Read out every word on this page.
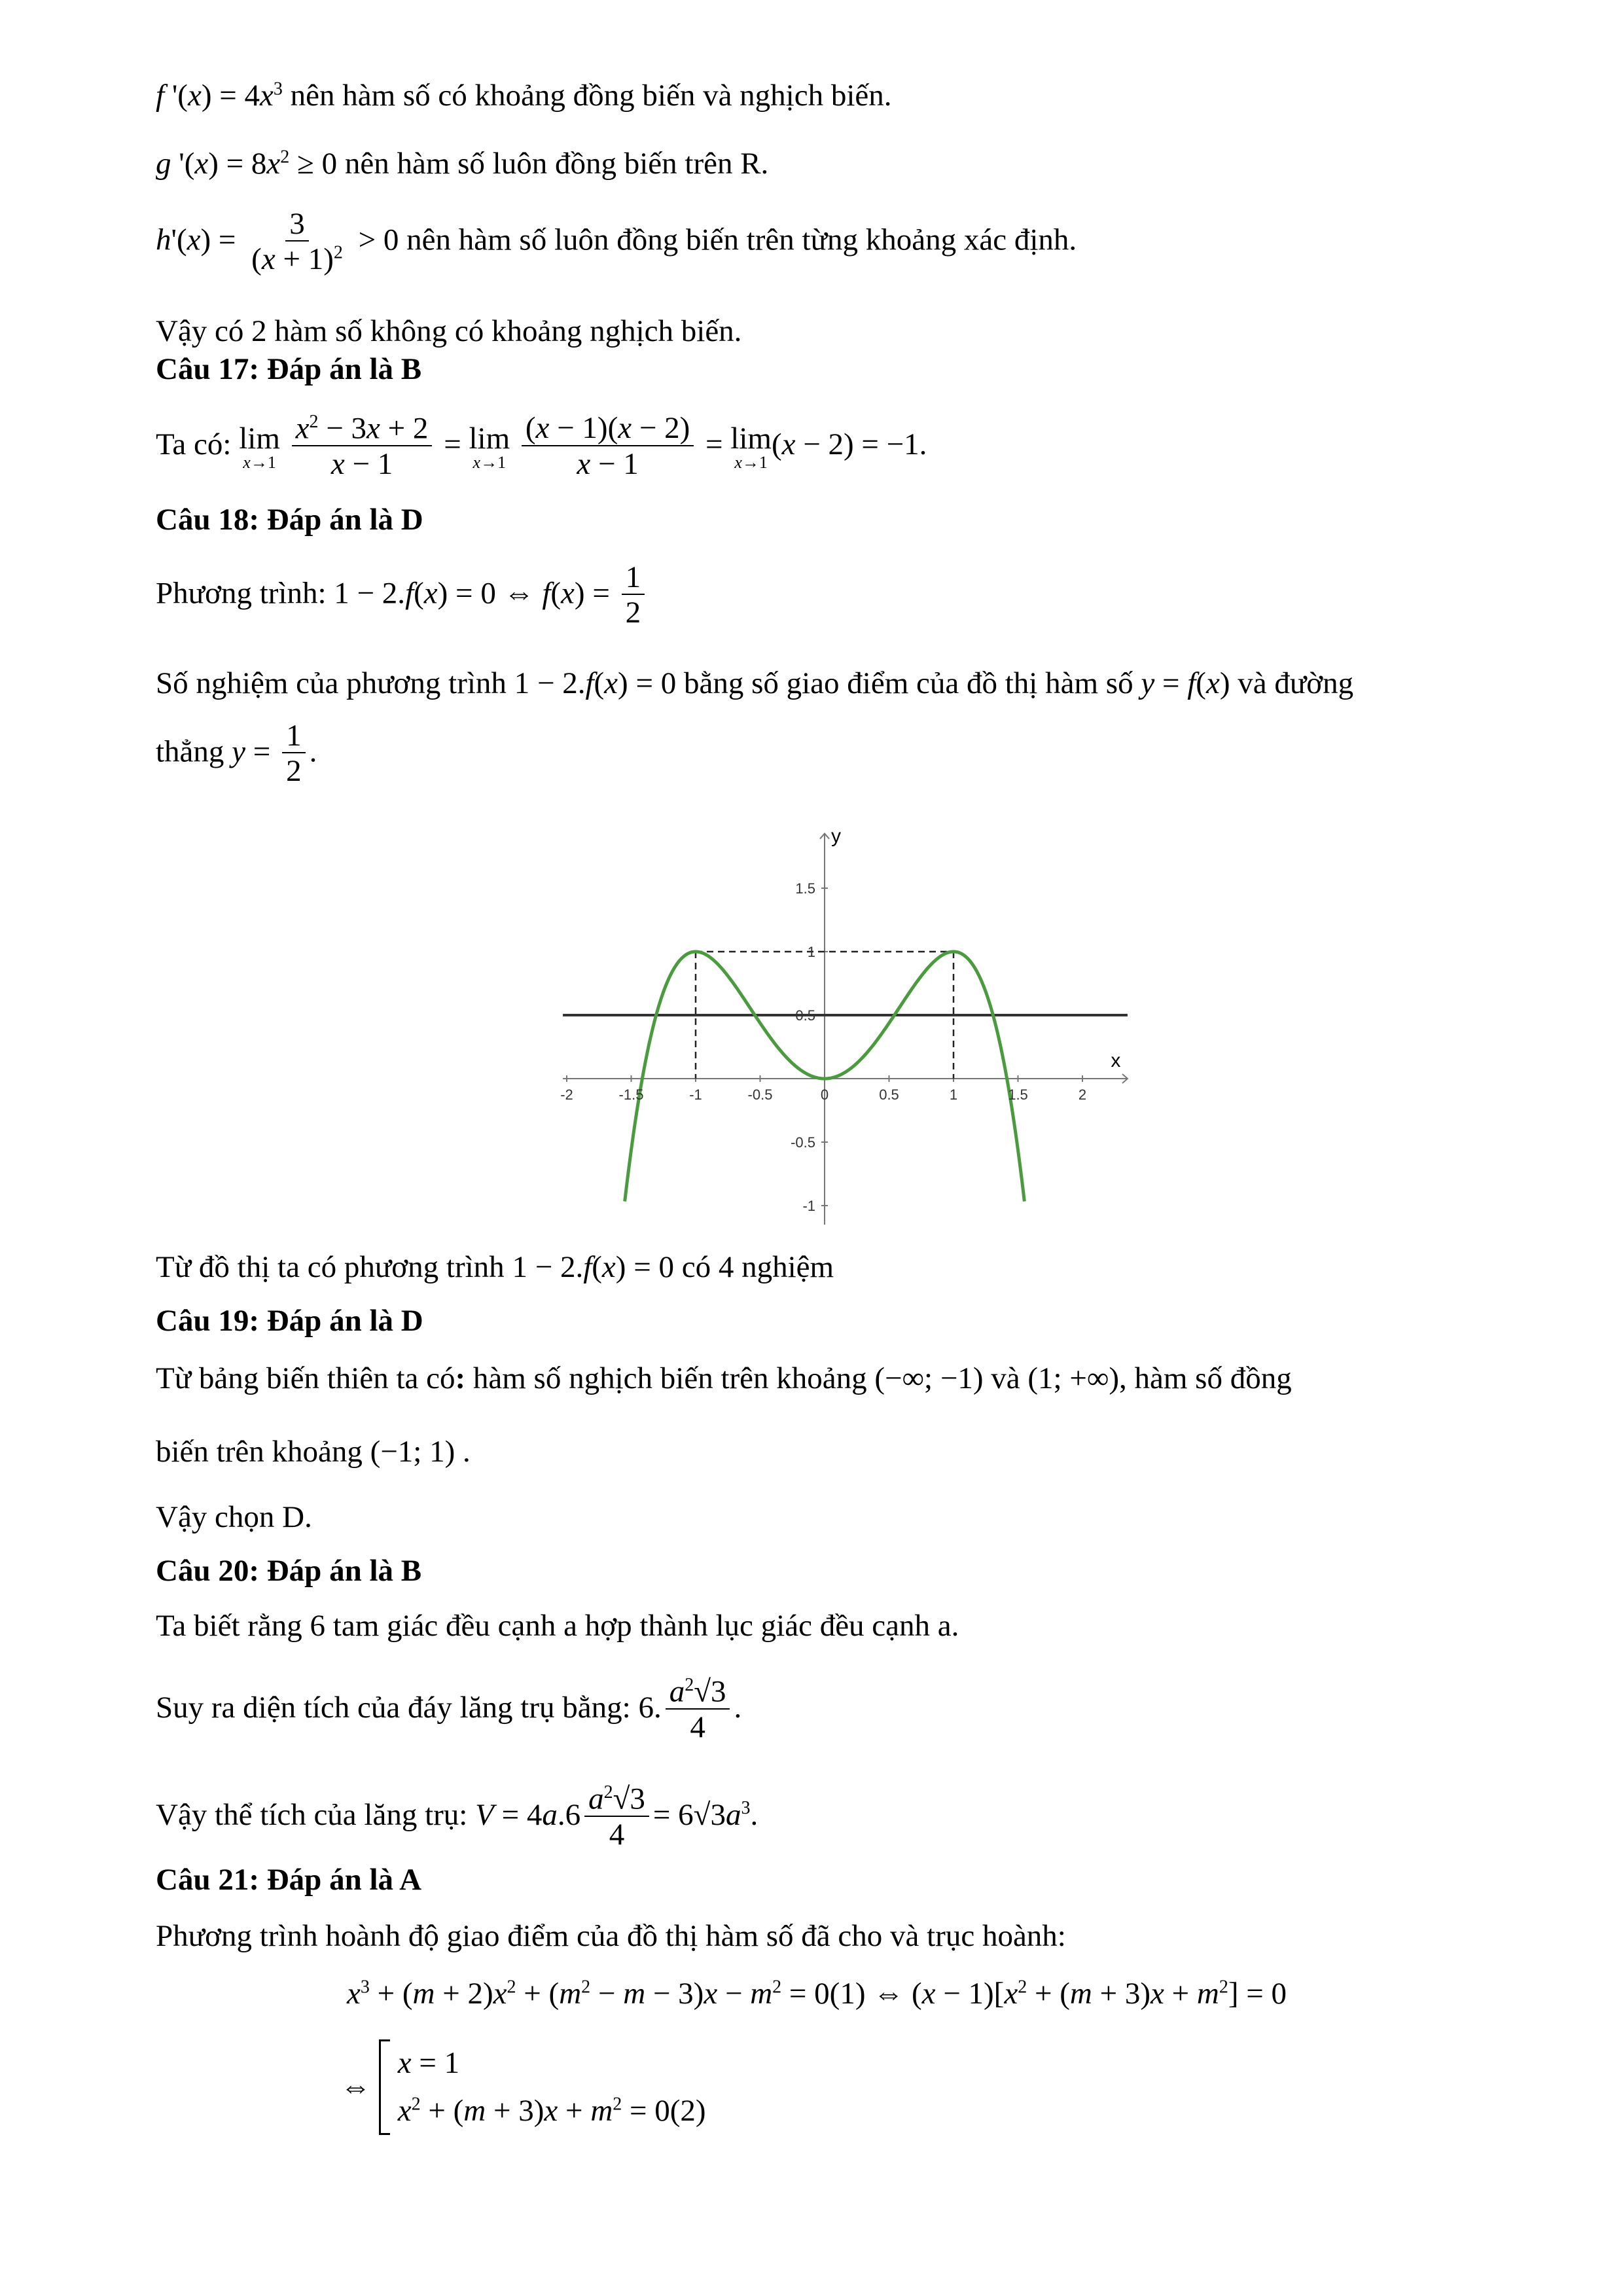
f '$(x) = 4x^3$ nên hàm số có khoảng đồng biến và nghịch biến.
g '$(x) = 8x^2 \ge 0$ nên hàm số luôn đồng biến trên R.
$h'(x) = \frac{3}{(x + 1)^2} > 0$ nên hàm số luôn đồng biến trên từng khoảng xác định.
Vậy có 2 hàm số không có khoảng nghịch biến.
Câu 17: Đáp án là B
Ta có: lim
x→1
$\frac{x^2 - 3x + 2}{x - 1} = \lim$
x→1
$\frac{(x - 1)(x - 2)}{x - 1} = \lim$
x→1
(x − 2) = −1.
Câu 18: Đáp án là D
Phương trình: 1 − 2.f(x) = 0 ⇔ $f(x) = \frac{1}{2}$
Số nghiệm của phương trình 1 − 2.f(x) = 0 bằng số giao điểm của đồ thị hàm số y = f(x) và đường
thẳng $y = \frac{1}{2}$ .
x
y
-2	-1.5	-1	-0.5	0	0.5	1	1.5	2
-1
-0.5
0.5
1
1.5
Từ đồ thị ta có phương trình 1 − 2.f(x) = 0 có 4 nghiệm
Câu 19: Đáp án là D
Từ bảng biến thiên ta có: hàm số nghịch biến trên khoảng (−∞; −1) và (1; +∞), hàm số đồng
biến trên khoảng (−1; 1) .
Vậy chọn D.
Câu 20: Đáp án là B
Ta biết rằng 6 tam giác đều cạnh a hợp thành lục giác đều cạnh a.
Suy ra diện tích của đáy lăng trụ bằng: 6. $\frac{a^2√3}{4}$ .
Vậy thể tích của lăng trụ: $V = 4a.6 \frac{a^2√3}{4} = 6√3a^3$.
Câu 21: Đáp án là A
Phương trình hoành độ giao điểm của đồ thị hàm số đã cho và trục hoành:
$x^3 + (m + 2)x^2 + (m^2 - m - 3)x - m^2 = 0(1)$ ⇔ $(x - 1)[x^2 + (m + 3)x + m^2] = 0$
⇔
x = 1
$x^2 + (m + 3)x + m^2 = 0(2)$
